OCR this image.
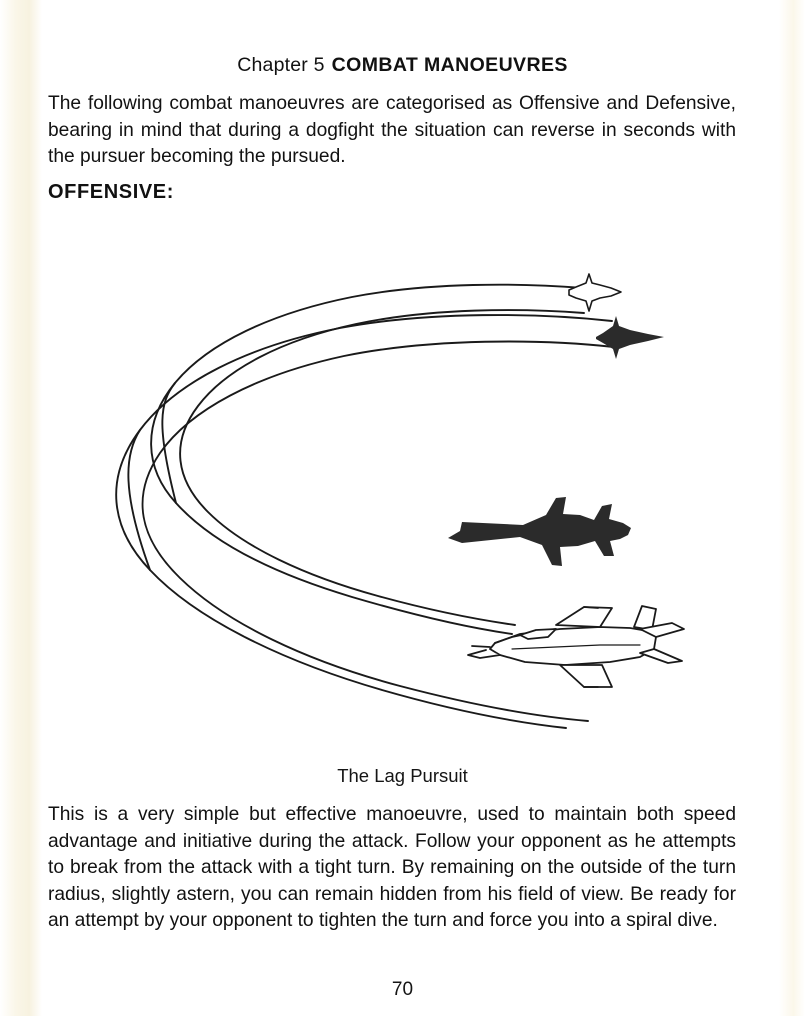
Chapter 5 COMBAT MANOEUVRES
The following combat manoeuvres are categorised as Offensive and Defensive, bearing in mind that during a dogfight the situation can reverse in seconds with the pursuer becoming the pursued.
OFFENSIVE:
The Lag Pursuit
This is a very simple but effective manoeuvre, used to maintain both speed advantage and initiative during the attack. Follow your opponent as he attempts to break from the attack with a tight turn. By remaining on the outside of the turn radius, slightly astern, you can remain hidden from his field of view. Be ready for an attempt by your opponent to tighten the turn and force you into a spiral dive.
70
